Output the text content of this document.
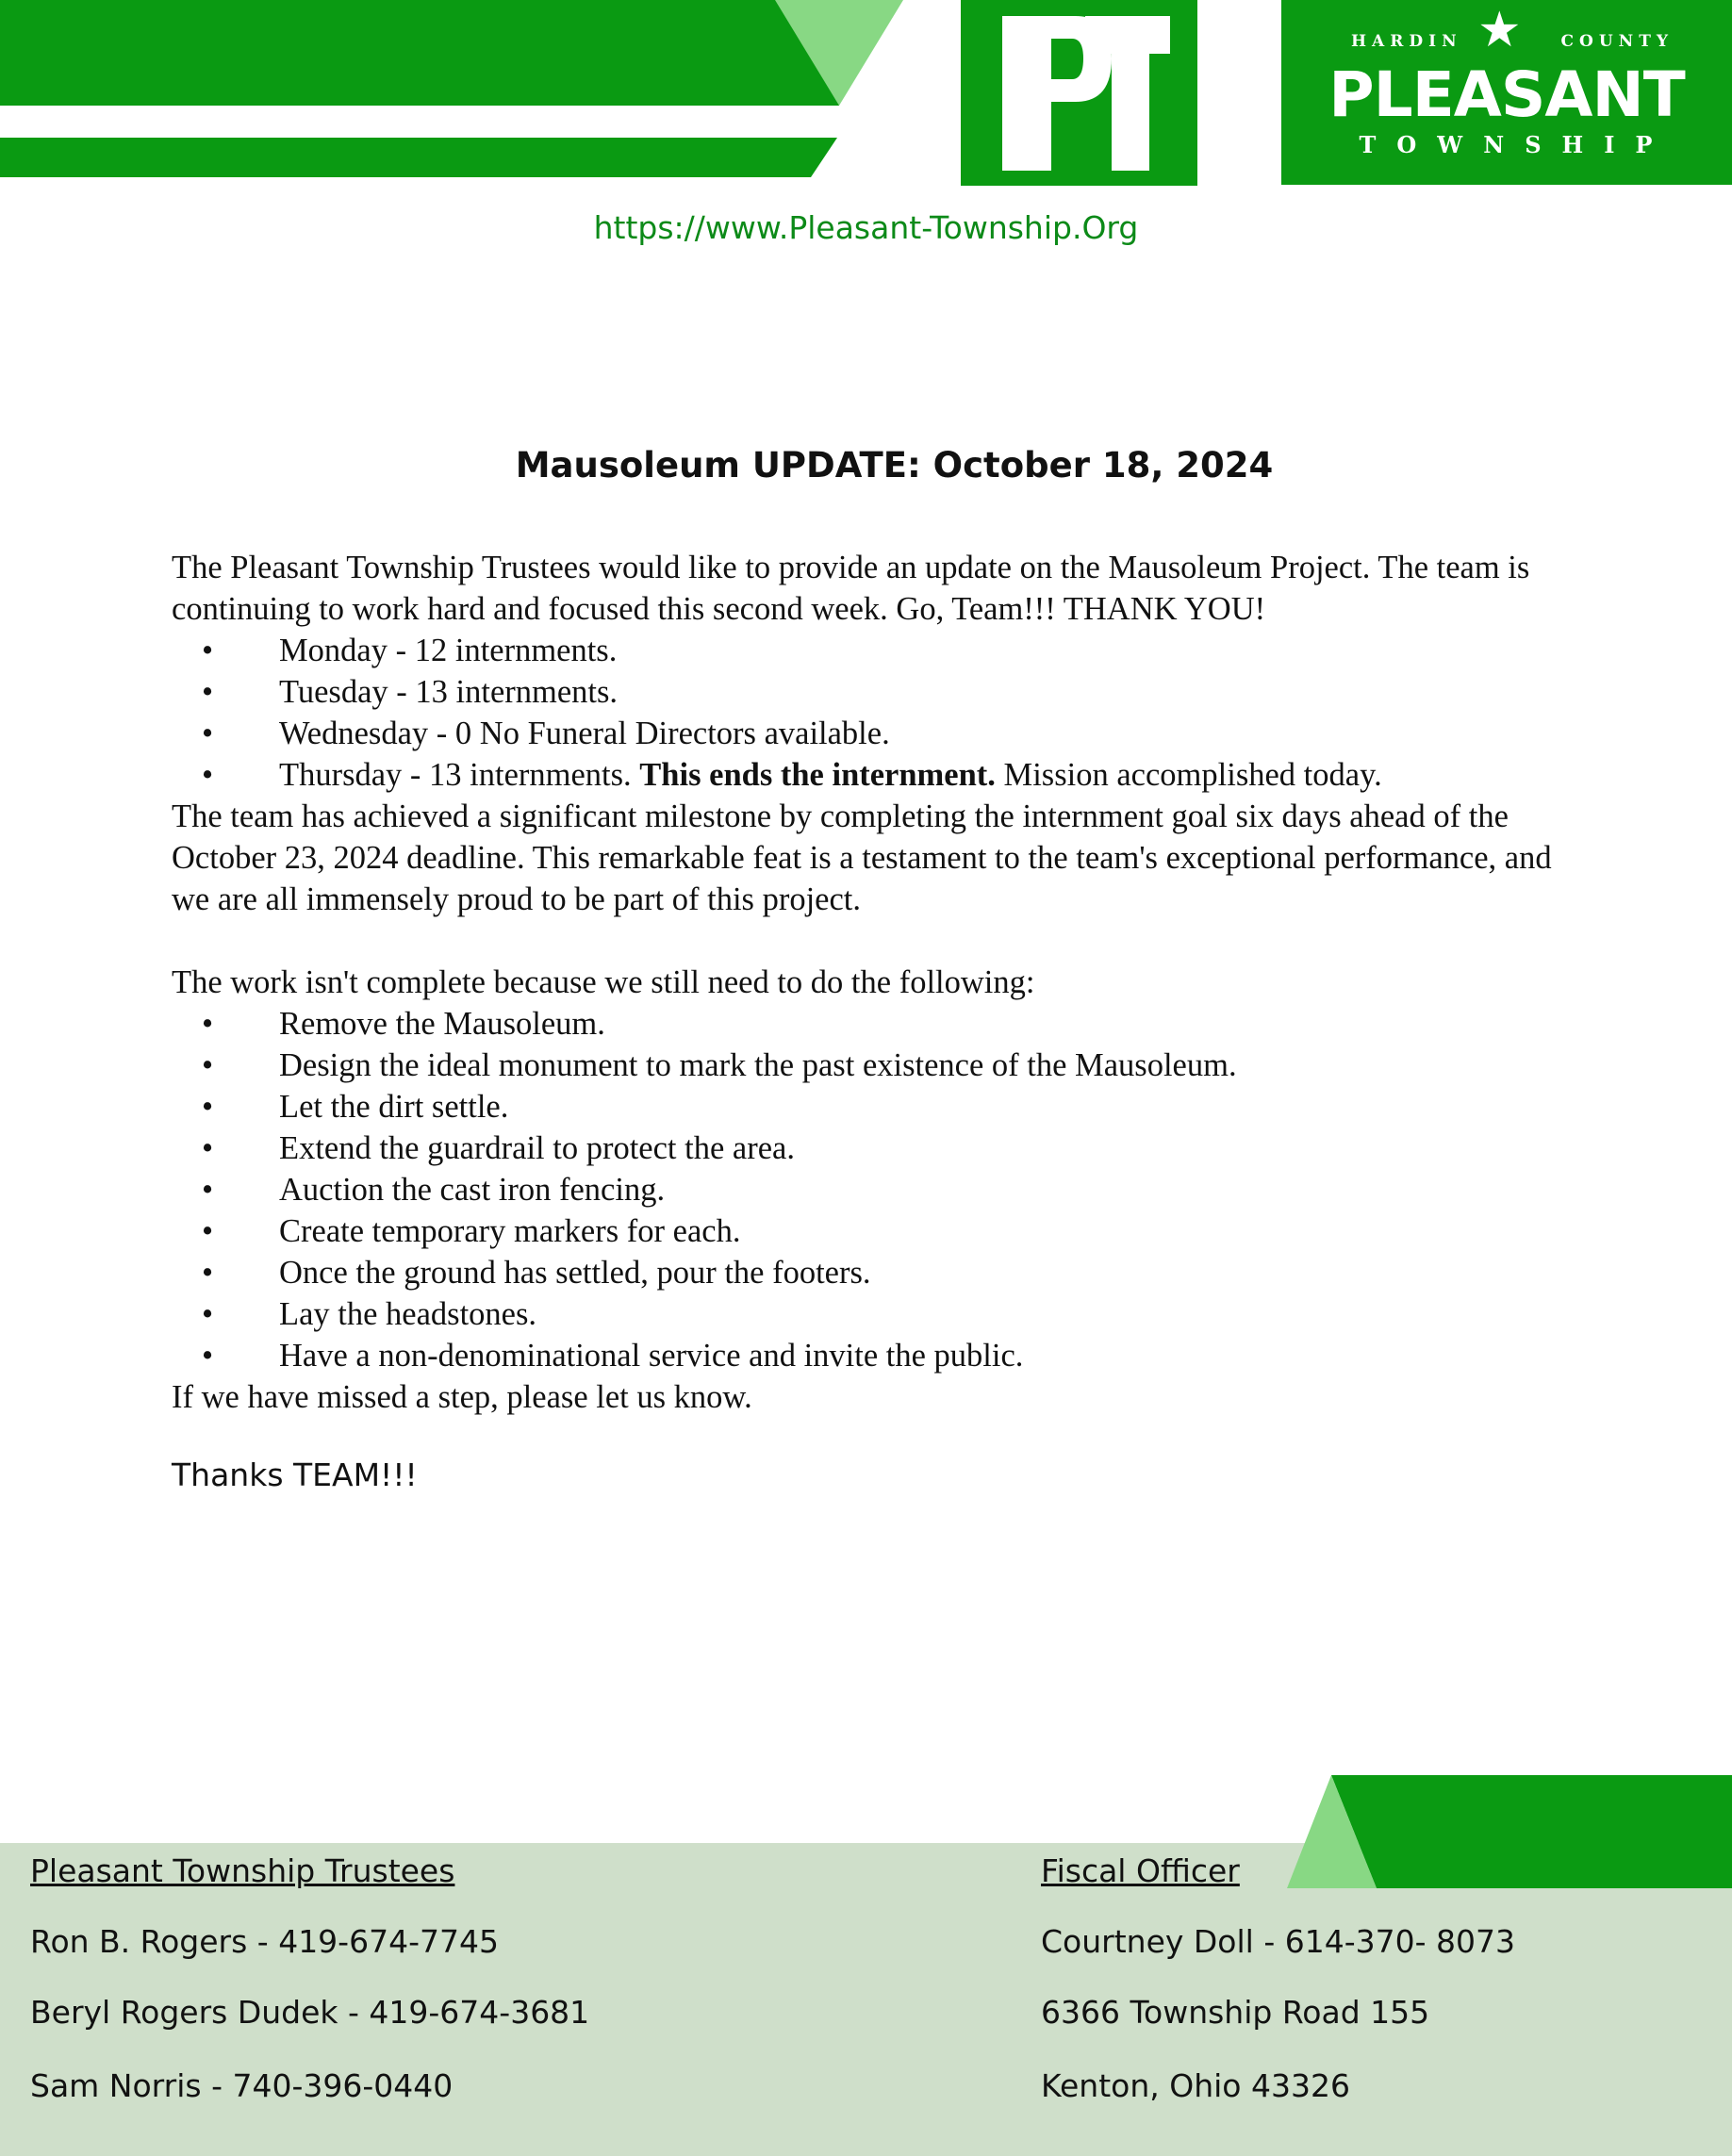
HARDIN	COUNTY
★
PLEASANT
TOWNSHIP
https://www.Pleasant-Township.Org
Mausoleum UPDATE: October 18, 2024

The Pleasant Township Trustees would like to provide an update on the Mausoleum Project. The team is continuing to work hard and focused this second week. Go, Team!!! THANK YOU!

• Monday - 12 internments.
• Tuesday - 13 internments.
• Wednesday - 0 No Funeral Directors available.
• Thursday - 13 internments. This ends the internment. Mission accomplished today.

The team has achieved a significant milestone by completing the internment goal six days ahead of the October 23, 2024 deadline. This remarkable feat is a testament to the team's exceptional performance, and we are all immensely proud to be part of this project.

The work isn't complete because we still need to do the following:

• Remove the Mausoleum.
• Design the ideal monument to mark the past existence of the Mausoleum.
• Let the dirt settle.
• Extend the guardrail to protect the area.
• Auction the cast iron fencing.
• Create temporary markers for each.
• Once the ground has settled, pour the footers.
• Lay the headstones.
• Have a non-denominational service and invite the public.

If we have missed a step, please let us know.

Thanks TEAM!!!
Pleasant Township Trustees
Ron B. Rogers - 419-674-7745
Beryl Rogers Dudek - 419-674-3681
Sam Norris - 740-396-0440
Fiscal Officer
Courtney Doll - 614-370- 8073
6366 Township Road 155
Kenton, Ohio 43326
